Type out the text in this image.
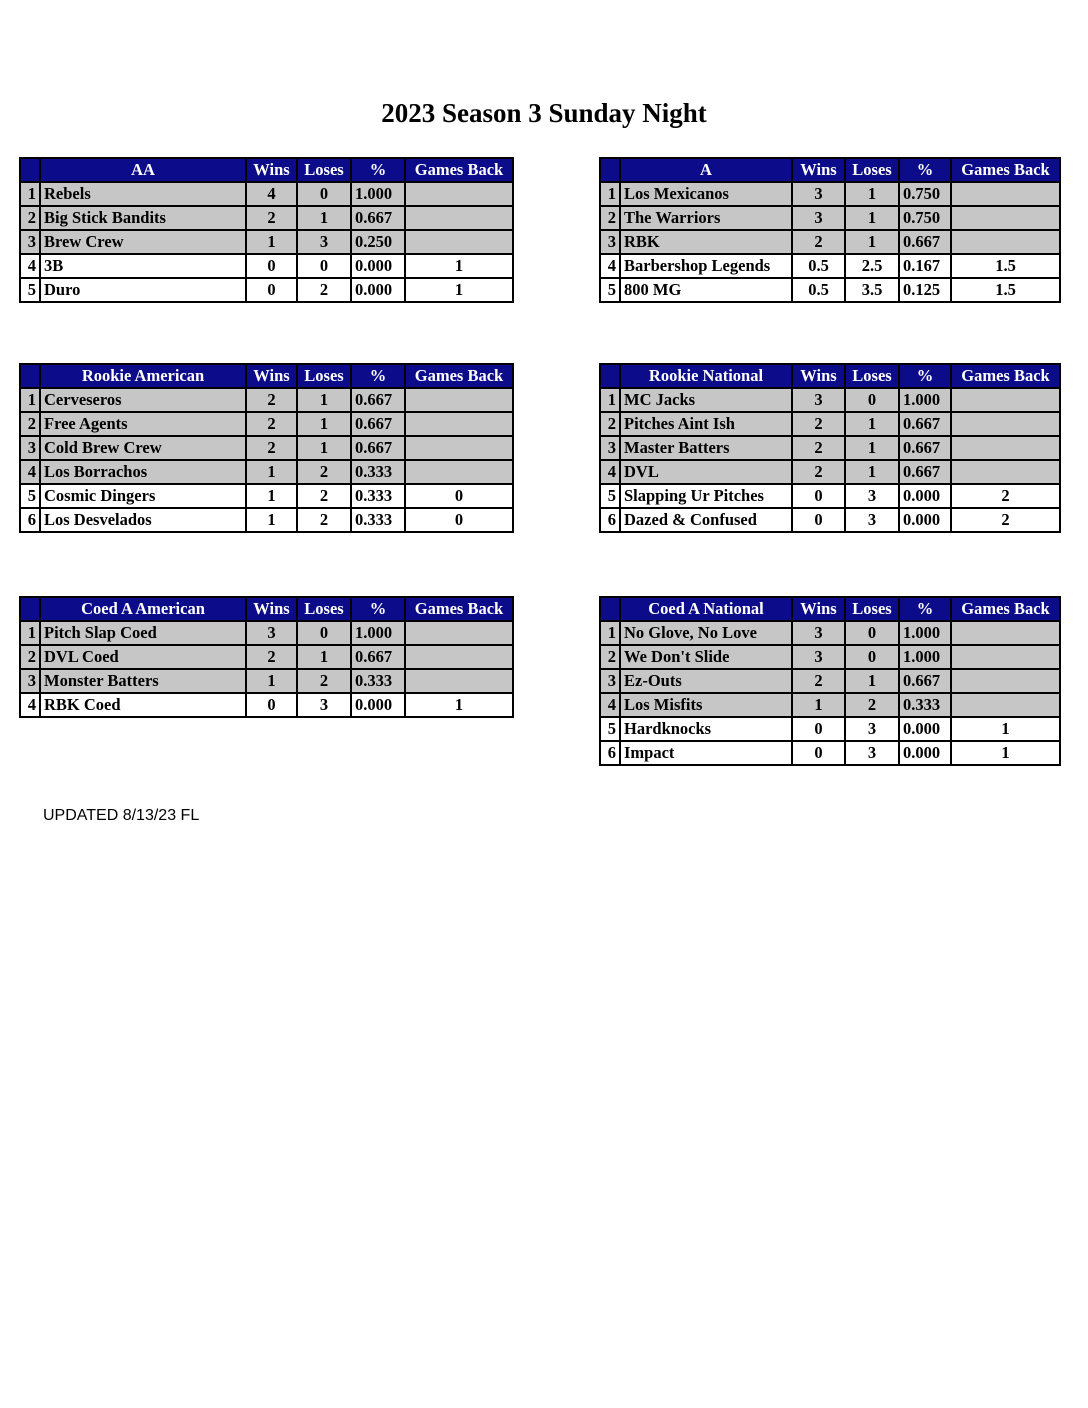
2023 Season 3 Sunday Night
	AA	Wins	Loses	%	Games Back
1	Rebels	4	0	1.000	
2	Big Stick Bandits	2	1	0.667	
3	Brew Crew	1	3	0.250	
4	3B	0	0	0.000	1
5	Duro	0	2	0.000	1
	A	Wins	Loses	%	Games Back
1	Los Mexicanos	3	1	0.750	
2	The Warriors	3	1	0.750	
3	RBK	2	1	0.667	
4	Barbershop Legends	0.5	2.5	0.167	1.5
5	800 MG	0.5	3.5	0.125	1.5
	Rookie American	Wins	Loses	%	Games Back
1	Cerveseros	2	1	0.667	
2	Free Agents	2	1	0.667	
3	Cold Brew Crew	2	1	0.667	
4	Los Borrachos	1	2	0.333	
5	Cosmic Dingers	1	2	0.333	0
6	Los Desvelados	1	2	0.333	0
	Rookie National	Wins	Loses	%	Games Back
1	MC Jacks	3	0	1.000	
2	Pitches Aint Ish	2	1	0.667	
3	Master Batters	2	1	0.667	
4	DVL	2	1	0.667	
5	Slapping Ur Pitches	0	3	0.000	2
6	Dazed & Confused	0	3	0.000	2
	Coed A American	Wins	Loses	%	Games Back
1	Pitch Slap Coed	3	0	1.000	
2	DVL Coed	2	1	0.667	
3	Monster Batters	1	2	0.333	
4	RBK Coed	0	3	0.000	1
	Coed A National	Wins	Loses	%	Games Back
1	No Glove, No Love	3	0	1.000	
2	We Don't Slide	3	0	1.000	
3	Ez-Outs	2	1	0.667	
4	Los Misfits	1	2	0.333	
5	Hardknocks	0	3	0.000	1
6	Impact	0	3	0.000	1
UPDATED 8/13/23 FL
